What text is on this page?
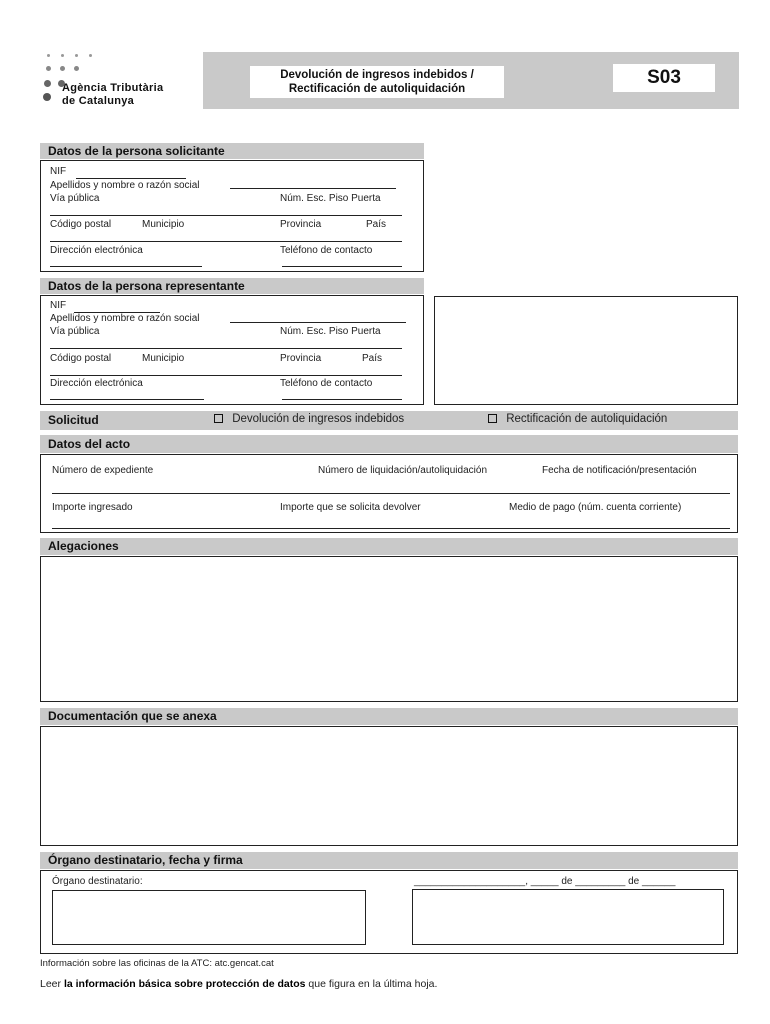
Agència Tributària
de Catalunya
Devolución de ingresos indebidos /
Rectificación de autoliquidación
S03
Datos de la persona solicitante
NIF
Apellidos y nombre o razón social
Vía pública	Núm. Esc. Piso Puerta
Código postal	Municipio	Provincia	País
Dirección electrónica	Teléfono de contacto
Datos de la persona representante
NIF
Apellidos y nombre o razón social
Vía pública	Núm. Esc. Piso Puerta
Código postal	Municipio	Provincia	País
Dirección electrónica	Teléfono de contacto
Solicitud	Devolución de ingresos indebidos	Rectificación de autoliquidación
Datos del acto
Número de expediente	Número de liquidación/autoliquidación	Fecha de notificación/presentación
Importe ingresado	Importe que se solicita devolver	Medio de pago (núm. cuenta corriente)
Alegaciones
Documentación que se anexa
Órgano destinatario, fecha y firma
Órgano destinatario:	____________________, _____ de _________ de ______
Información sobre las oficinas de la ATC: atc.gencat.cat
Leer la información básica sobre protección de datos que figura en la última hoja.
